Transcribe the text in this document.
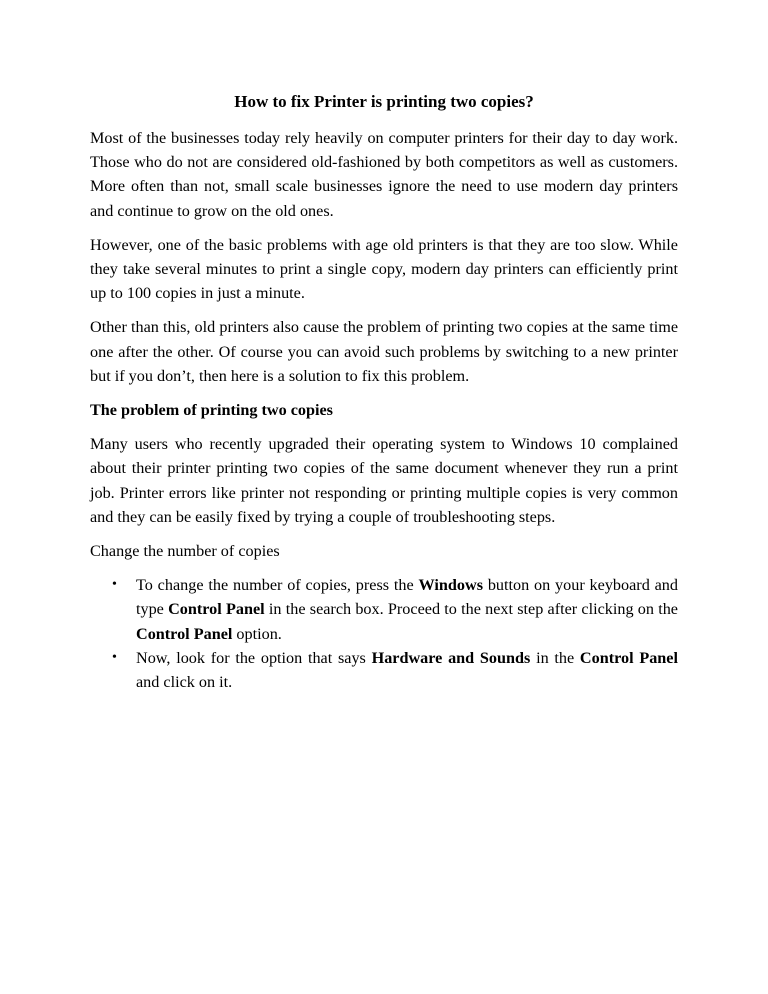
How to fix Printer is printing two copies?

Most of the businesses today rely heavily on computer printers for their day to day work. Those who do not are considered old-fashioned by both competitors as well as customers. More often than not, small scale businesses ignore the need to use modern day printers and continue to grow on the old ones.

However, one of the basic problems with age old printers is that they are too slow. While they take several minutes to print a single copy, modern day printers can efficiently print up to 100 copies in just a minute.

Other than this, old printers also cause the problem of printing two copies at the same time one after the other. Of course you can avoid such problems by switching to a new printer but if you don’t, then here is a solution to fix this problem.

The problem of printing two copies

Many users who recently upgraded their operating system to Windows 10 complained about their printer printing two copies of the same document whenever they run a print job. Printer errors like printer not responding or printing multiple copies is very common and they can be easily fixed by trying a couple of troubleshooting steps.

Change the number of copies

• To change the number of copies, press the Windows button on your keyboard and type Control Panel in the search box. Proceed to the next step after clicking on the Control Panel option.
• Now, look for the option that says Hardware and Sounds in the Control Panel and click on it.
